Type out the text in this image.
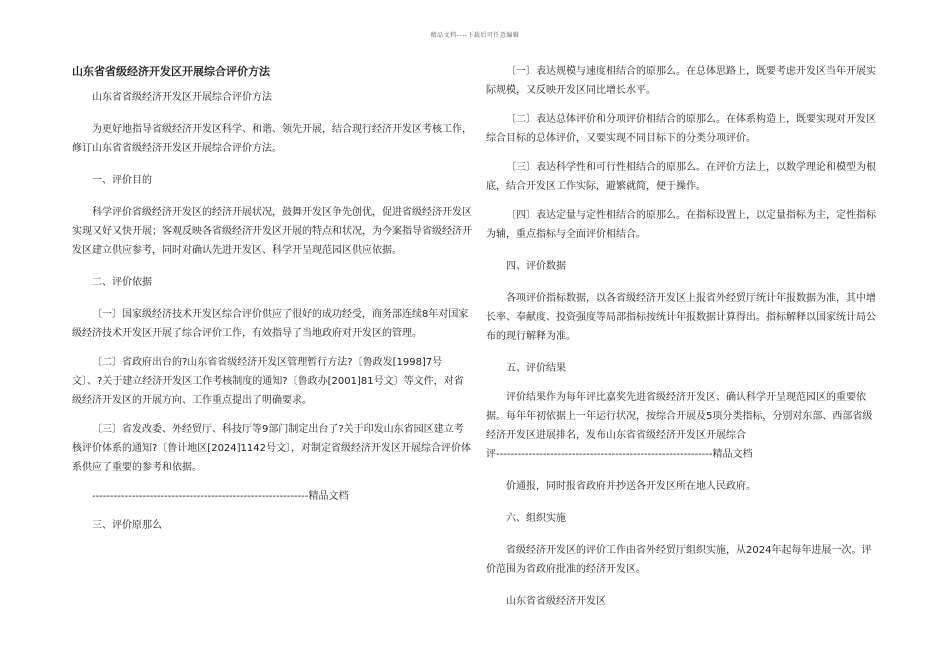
精品文档----下载后可任意编辑

山东省省级经济开发区开展综合评价方法

山东省省级经济开发区开展综合评价方法

为更好地指导省级经济开发区科学、和谐、领先开展，结合现行经济开发区考核工作，修订山东省省级经济开发区开展综合评价方法。

一、评价目的

科学评价省级经济开发区的经济开展状况，鼓舞开发区争先创优，促进省级经济开发区实现又好又快开展；客观反映各省级经济开发区开展的特点和状况，为今案指导省级经济开发区建立供应参考，同时对确认先进开发区、科学开呈现范园区供应依据。

二、评价依据

〔一〕国家级经济技术开发区综合评价供应了很好的成功经受，商务部连续8年对国家级经济技术开发区开展了综合评价工作，有效指导了当地政府对开发区的管理。

〔二〕省政府出台的?山东省省级经济开发区管理暂行方法?〔鲁政发[1998]7号文〕、?关于建立经济开发区工作考核制度的通知?〔鲁政办[2001]81号文〕等文件，对省级经济开发区的开展方向、工作重点提出了明确要求。

〔三〕省发改委、外经贸厅、科技厅等9部门制定出台了?关于印发山东省园区建立考核评价体系的通知?〔鲁计地区[2024]1142号文〕，对制定省级经济开发区开展综合评价体系供应了重要的参考和依据。

------------------------------------------------------------精品文档

三、评价原那么

〔一〕表达规模与速度相结合的原那么。在总体思路上，既要考虑开发区当年开展实际规模，又反映开发区同比增长水平。

〔二〕表达总体评价和分项评价相结合的原那么。在体系构造上，既要实现对开发区综合目标的总体评价，又要实现不同目标下的分类分项评价。

〔三〕表达科学性和可行性相结合的原那么。在评价方法上，以数学理论和模型为根底，结合开发区工作实际，避繁就简，便于操作。

〔四〕表达定量与定性相结合的原那么。在指标设置上，以定量指标为主，定性指标为辅，重点指标与全面评价相结合。

四、评价数据

各项评价指标数据，以各省级经济开发区上报省外经贸厅统计年报数据为准，其中增长率、奉献度、投资强度等局部指标按统计年报数据计算得出。指标解释以国家统计局公布的现行解释为准。

五、评价结果

评价结果作为每年评比嘉奖先进省级经济开发区、确认科学开呈现范园区的重要依据。每年年初依据上一年运行状况，按综合开展及5项分类指标，分别对东部、西部省级经济开发区进展排名，发布山东省省级经济开发区开展综合

评------------------------------------------------------------精品文档

价通报，同时报省政府并抄送各开发区所在地人民政府。

六、组织实施

省级经济开发区的评价工作由省外经贸厅组织实施，从2024年起每年进展一次。评价范围为省政府批准的经济开发区。

山东省省级经济开发区
